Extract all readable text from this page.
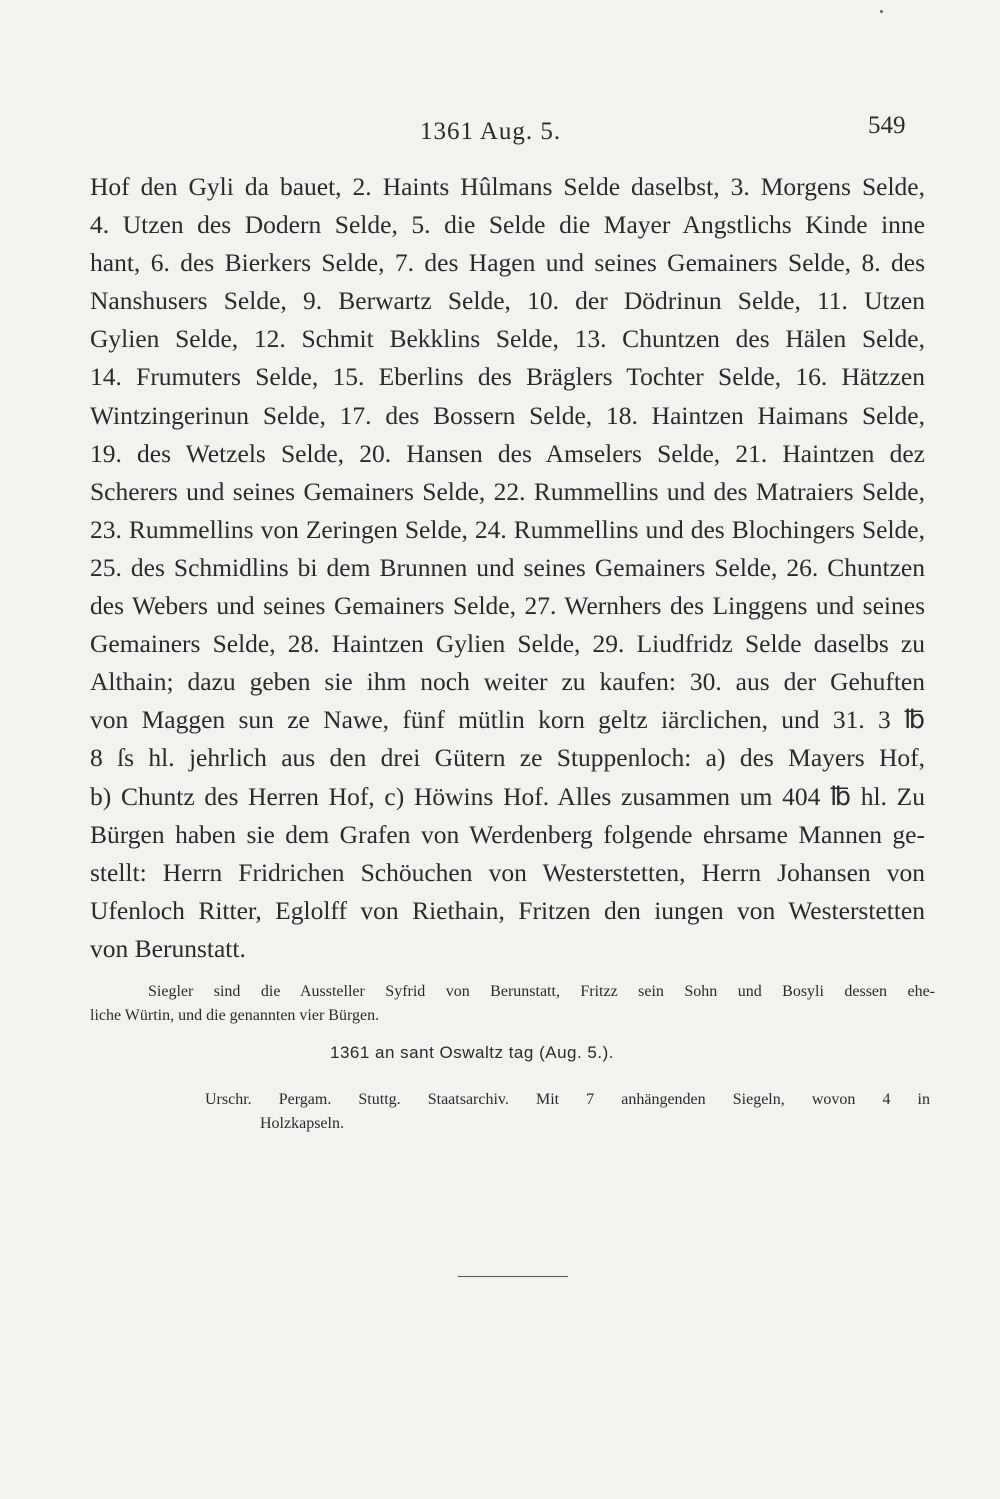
1361 Aug. 5.	549
Hof den Gyli da bauet, 2. Haints Hûlmans Selde daselbst, 3. Morgens Selde,
4. Utzen des Dodern Selde, 5. die Selde die Mayer Angstlichs Kinde inne
hant, 6. des Bierkers Selde, 7. des Hagen und seines Gemainers Selde, 8. des
Nanshusers Selde, 9. Berwartz Selde, 10. der Dödrinun Selde, 11. Utzen
Gylien Selde, 12. Schmit Bekklins Selde, 13. Chuntzen des Hälen Selde,
14. Frumuters Selde, 15. Eberlins des Bräglers Tochter Selde, 16. Hätzzen
Wintzingerinun Selde, 17. des Bossern Selde, 18. Haintzen Haimans Selde,
19. des Wetzels Selde, 20. Hansen des Amselers Selde, 21. Haintzen dez
Scherers und seines Gemainers Selde, 22. Rummellins und des Matraiers Selde,
23. Rummellins von Zeringen Selde, 24. Rummellins und des Blochingers Selde,
25. des Schmidlins bi dem Brunnen und seines Gemainers Selde, 26. Chuntzen
des Webers und seines Gemainers Selde, 27. Wernhers des Linggens und seines
Gemainers Selde, 28. Haintzen Gylien Selde, 29. Liudfridz Selde daselbs zu
Althain; dazu geben sie ihm noch weiter zu kaufen: 30. aus der Gehuften
von Maggen sun ze Nawe, fünf mütlin korn geltz iärclichen, und 31. 3 ℔
8 ſs hl. jehrlich aus den drei Gütern ze Stuppenloch: a) des Mayers Hof,
b) Chuntz des Herren Hof, c) Höwins Hof. Alles zusammen um 404 ℔ hl. Zu
Bürgen haben sie dem Grafen von Werdenberg folgende ehrsame Mannen ge-
stellt: Herrn Fridrichen Schöuchen von Westerstetten, Herrn Johansen von
Ufenloch Ritter, Eglolff von Riethain, Fritzen den iungen von Westerstetten
von Berunstatt.
Siegler sind die Aussteller Syfrid von Berunstatt, Fritzz sein Sohn und Bosyli dessen ehe-
liche Würtin, und die genannten vier Bürgen.
1361 an sant Oswaltz tag (Aug. 5.).
Urschr. Pergam. Stuttg. Staatsarchiv. Mit 7 anhängenden Siegeln, wovon 4 in
Holzkapseln.
